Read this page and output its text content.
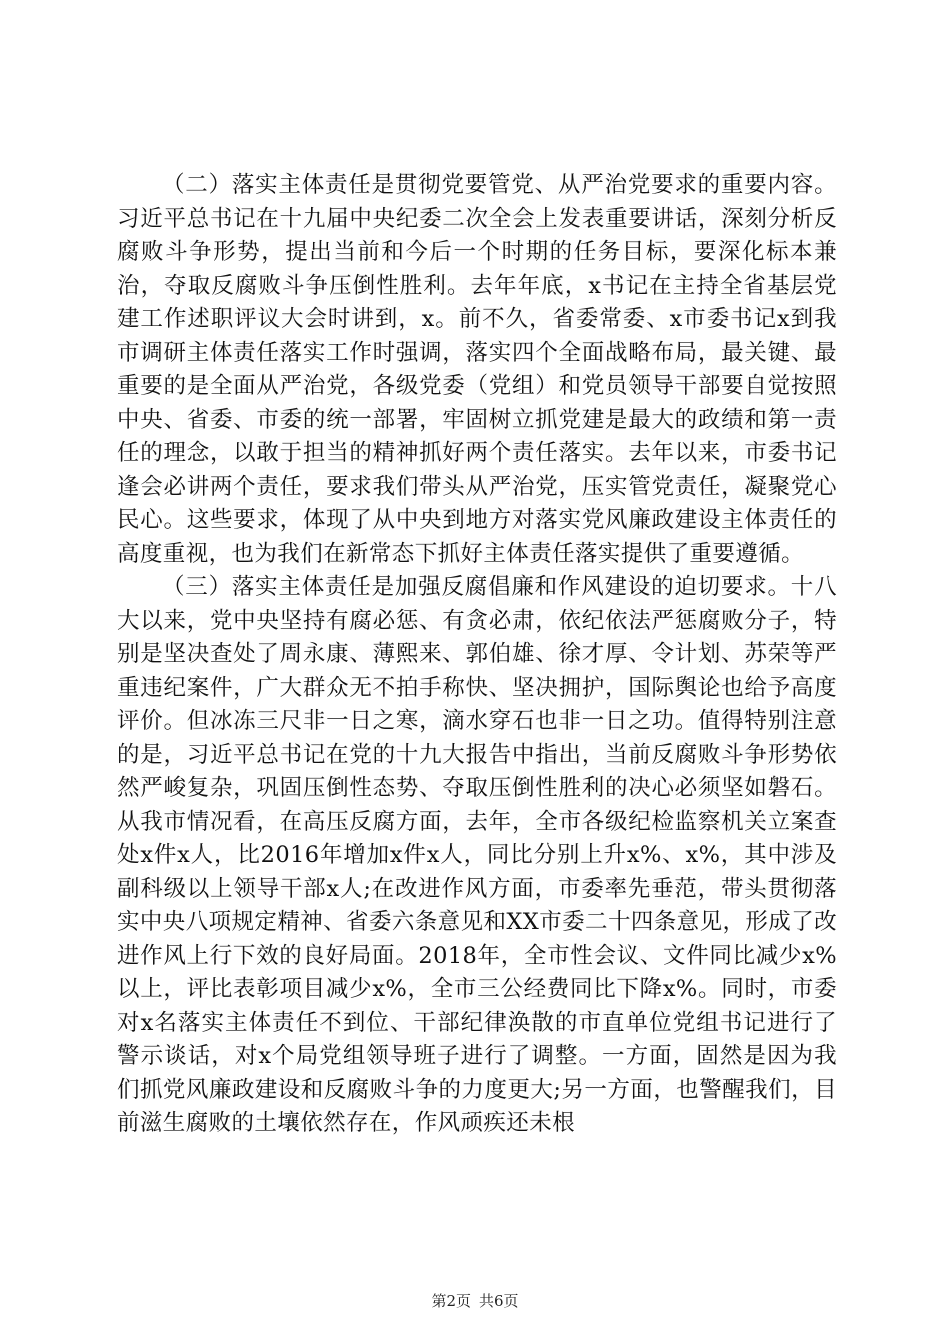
（二）落实主体责任是贯彻党要管党、从严治党要求的重要内容。习近平总书记在十九届中央纪委二次全会上发表重要讲话，深刻分析反腐败斗争形势，提出当前和今后一个时期的任务目标，要深化标本兼治，夺取反腐败斗争压倒性胜利。去年年底，x书记在主持全省基层党建工作述职评议大会时讲到，x。前不久，省委常委、x市委书记x到我市调研主体责任落实工作时强调，落实四个全面战略布局，最关键、最重要的是全面从严治党，各级党委（党组）和党员领导干部要自觉按照中央、省委、市委的统一部署，牢固树立抓党建是最大的政绩和第一责任的理念，以敢于担当的精神抓好两个责任落实。去年以来，市委书记逢会必讲两个责任，要求我们带头从严治党，压实管党责任，凝聚党心民心。这些要求，体现了从中央到地方对落实党风廉政建设主体责任的高度重视，也为我们在新常态下抓好主体责任落实提供了重要遵循。

（三）落实主体责任是加强反腐倡廉和作风建设的迫切要求。十八大以来，党中央坚持有腐必惩、有贪必肃，依纪依法严惩腐败分子，特别是坚决查处了周永康、薄熙来、郭伯雄、徐才厚、令计划、苏荣等严重违纪案件，广大群众无不拍手称快、坚决拥护，国际舆论也给予高度评价。但冰冻三尺非一日之寒，滴水穿石也非一日之功。值得特别注意的是，习近平总书记在党的十九大报告中指出，当前反腐败斗争形势依然严峻复杂，巩固压倒性态势、夺取压倒性胜利的决心必须坚如磐石。从我市情况看，在高压反腐方面，去年，全市各级纪检监察机关立案查处x件x人，比2016年增加x件x人，同比分别上升x%、x%，其中涉及副科级以上领导干部x人;在改进作风方面，市委率先垂范，带头贯彻落实中央八项规定精神、省委六条意见和XX市委二十四条意见，形成了改进作风上行下效的良好局面。2018年，全市性会议、文件同比减少x%以上，评比表彰项目减少x%，全市三公经费同比下降x%。同时，市委对x名落实主体责任不到位、干部纪律涣散的市直单位党组书记进行了警示谈话，对x个局党组领导班子进行了调整。一方面，固然是因为我们抓党风廉政建设和反腐败斗争的力度更大;另一方面，也警醒我们，目前滋生腐败的土壤依然存在，作风顽疾还未根

第2页 共6页
